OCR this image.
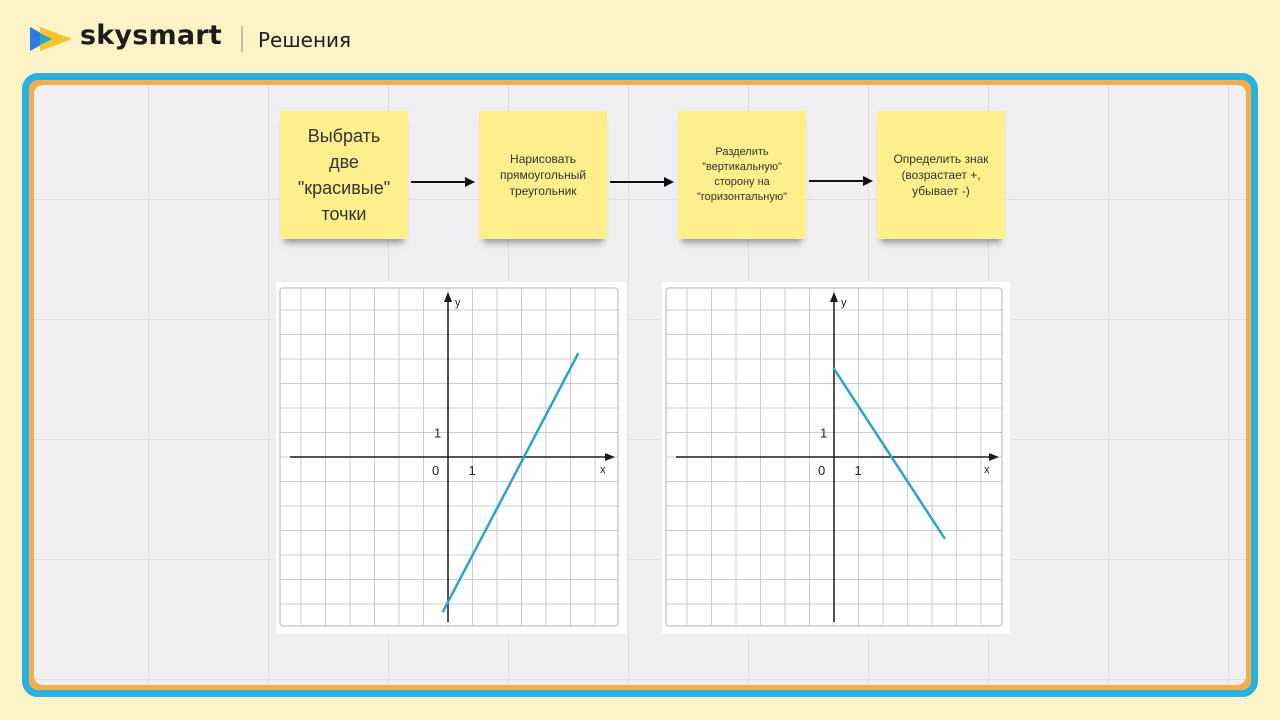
skysmart Решения
Выбрать
две
"красивые"
точки
Нарисовать
прямоугольный
треугольник
Разделить
"вертикальную"
сторону на
"горизонтальную"
Определить знак
(возрастает +,
убывает -)
x
y
0 1
1
x
y
0 1
1
